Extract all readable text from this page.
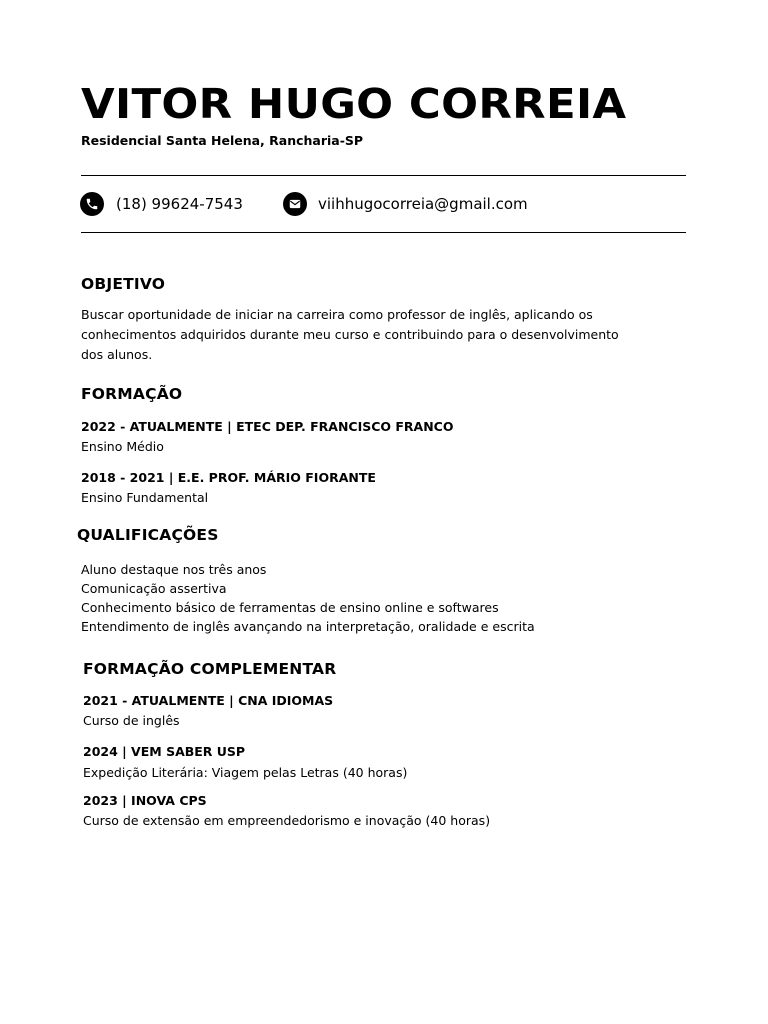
VITOR HUGO CORREIA
Residencial Santa Helena, Rancharia-SP
(18) 99624-7543	viihhugocorreia@gmail.com
OBJETIVO
Buscar oportunidade de iniciar na carreira como professor de inglês, aplicando os
conhecimentos adquiridos durante meu curso e contribuindo para o desenvolvimento
dos alunos.
FORMAÇÃO
2022 - ATUALMENTE | ETEC DEP. FRANCISCO FRANCO
Ensino Médio
2018 - 2021 | E.E. PROF. MÁRIO FIORANTE
Ensino Fundamental
QUALIFICAÇÕES
Aluno destaque nos três anos
Comunicação assertiva
Conhecimento básico de ferramentas de ensino online e softwares
Entendimento de inglês avançando na interpretação, oralidade e escrita
FORMAÇÃO COMPLEMENTAR
2021 - ATUALMENTE | CNA IDIOMAS
Curso de inglês
2024 | VEM SABER USP
Expedição Literária: Viagem pelas Letras (40 horas)
2023 | INOVA CPS
Curso de extensão em empreendedorismo e inovação (40 horas)
